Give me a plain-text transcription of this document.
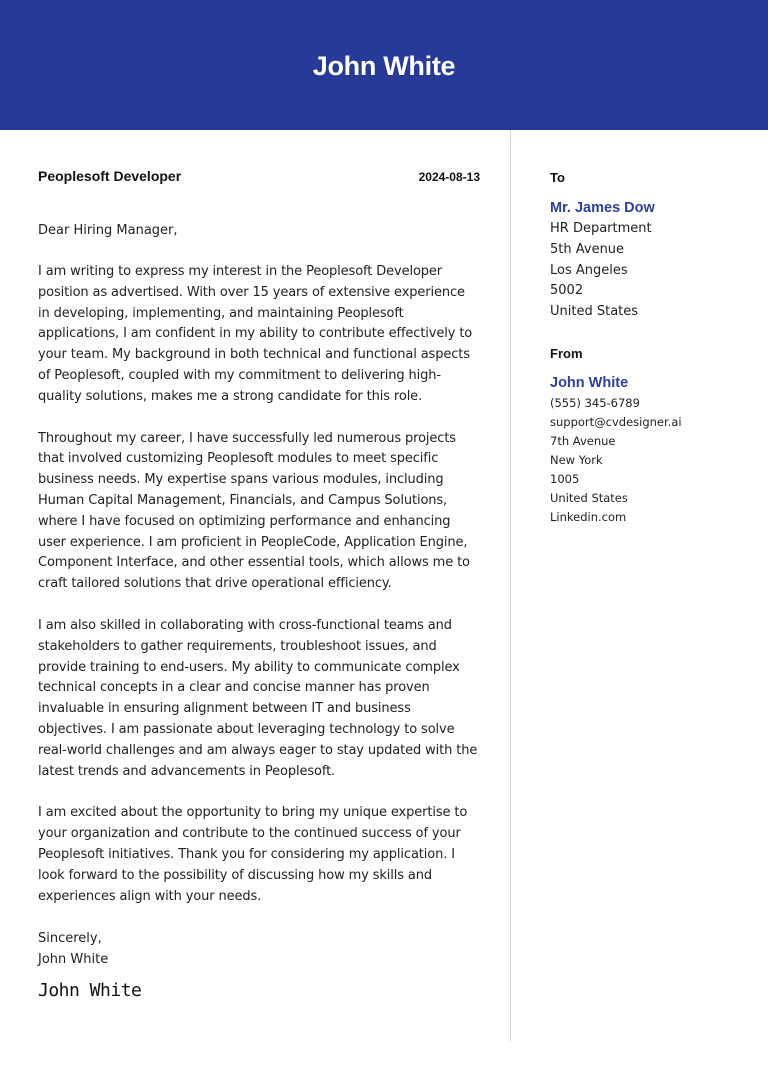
John White
Peoplesoft Developer	2024-08-13
Dear Hiring Manager,

I am writing to express my interest in the Peoplesoft Developer position as advertised. With over 15 years of extensive experience in developing, implementing, and maintaining Peoplesoft applications, I am confident in my ability to contribute effectively to your team. My background in both technical and functional aspects of Peoplesoft, coupled with my commitment to delivering high-quality solutions, makes me a strong candidate for this role.

Throughout my career, I have successfully led numerous projects that involved customizing Peoplesoft modules to meet specific business needs. My expertise spans various modules, including Human Capital Management, Financials, and Campus Solutions, where I have focused on optimizing performance and enhancing user experience. I am proficient in PeopleCode, Application Engine, Component Interface, and other essential tools, which allows me to craft tailored solutions that drive operational efficiency.

I am also skilled in collaborating with cross-functional teams and stakeholders to gather requirements, troubleshoot issues, and provide training to end-users. My ability to communicate complex technical concepts in a clear and concise manner has proven invaluable in ensuring alignment between IT and business objectives. I am passionate about leveraging technology to solve real-world challenges and am always eager to stay updated with the latest trends and advancements in Peoplesoft.

I am excited about the opportunity to bring my unique expertise to your organization and contribute to the continued success of your Peoplesoft initiatives. Thank you for considering my application. I look forward to the possibility of discussing how my skills and experiences align with your needs.

Sincerely,
John White
John White
To
Mr. James Dow
HR Department
5th Avenue
Los Angeles
5002
United States
From
John White
(555) 345-6789
support@cvdesigner.ai
7th Avenue
New York
1005
United States
Linkedin.com
